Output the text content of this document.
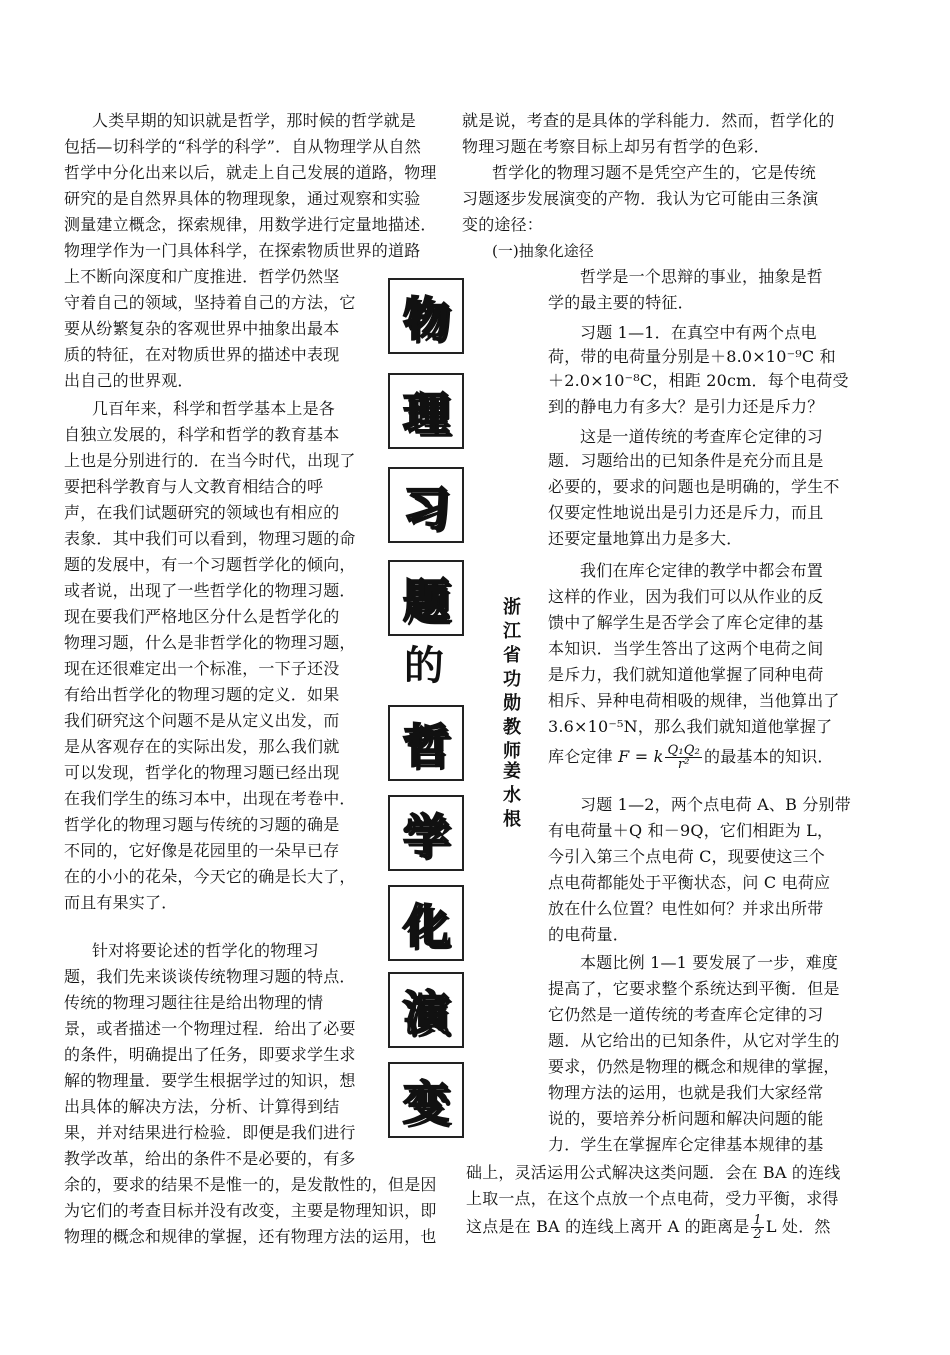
人类早期的知识就是哲学，那时候的哲学就是
包括—切科学的“科学的科学”．自从物理学从自然
哲学中分化出来以后，就走上自己发展的道路，物理
研究的是自然界具体的物理现象，通过观察和实验
测量建立概念，探索规律，用数学进行定量地描述．
物理学作为一门具体科学，在探索物质世界的道路
上不断向深度和广度推进．哲学仍然坚
守着自己的领域，坚持着自己的方法，它
要从纷繁复杂的客观世界中抽象出最本
质的特征，在对物质世界的描述中表现
出自己的世界观．
几百年来，科学和哲学基本上是各
自独立发展的，科学和哲学的教育基本
上也是分别进行的．在当今时代，出现了
要把科学教育与人文教育相结合的呼
声，在我们试题研究的领域也有相应的
表象．其中我们可以看到，物理习题的命
题的发展中，有一个习题哲学化的倾向，
或者说，出现了一些哲学化的物理习题．
现在要我们严格地区分什么是哲学化的
物理习题，什么是非哲学化的物理习题，
现在还很难定出一个标准，一下子还没
有给出哲学化的物理习题的定义．如果
我们研究这个问题不是从定义出发，而
是从客观存在的实际出发，那么我们就
可以发现，哲学化的物理习题已经出现
在我们学生的练习本中，出现在考卷中．
哲学化的物理习题与传统的习题的确是
不同的，它好像是花园里的一朵早已存
在的小小的花朵，今天它的确是长大了，
而且有果实了．
针对将要论述的哲学化的物理习
题，我们先来谈谈传统物理习题的特点．
传统的物理习题往往是给出物理的情
景，或者描述一个物理过程．给出了必要
的条件，明确提出了任务，即要求学生求
解的物理量．要学生根据学过的知识，想
出具体的解决方法，分析、计算得到结
果，并对结果进行检验．即便是我们进行
教学改革，给出的条件不是必要的，有多
余的，要求的结果不是惟一的，是发散性的，但是因
为它们的考查目标并没有改变，主要是物理知识，即
物理的概念和规律的掌握，还有物理方法的运用，也
物
理
习
题
的
哲
学
化
演
变
浙
江
省
功
勋
教
师
姜
水
根
就是说，考查的是具体的学科能力．然而，哲学化的
物理习题在考察目标上却另有哲学的色彩．
哲学化的物理习题不是凭空产生的，它是传统
习题逐步发展演变的产物．我认为它可能由三条演
变的途径：
(一)抽象化途径
哲学是一个思辩的事业，抽象是哲
学的最主要的特征．
习题 1—1．在真空中有两个点电
荷，带的电荷量分别是＋8.0×10⁻⁹C 和
＋2.0×10⁻⁸C，相距 20cm．每个电荷受
到的静电力有多大？是引力还是斥力？
这是一道传统的考查库仑定律的习
题．习题给出的已知条件是充分而且是
必要的，要求的问题也是明确的，学生不
仅要定性地说出是引力还是斥力，而且
还要定量地算出力是多大．
我们在库仑定律的教学中都会布置
这样的作业，因为我们可以从作业的反
馈中了解学生是否学会了库仑定律的基
本知识．当学生答出了这两个电荷之间
是斥力，我们就知道他掌握了同种电荷
相斥、异种电荷相吸的规律，当他算出了
3.6×10⁻⁵N，那么我们就知道他掌握了
库仑定律 F = k $\frac{\text{Q₁Q₂}}{\text{r²}}$ 的最基本的知识．
习题 1—2，两个点电荷 A、B 分别带
有电荷量＋Q 和－9Q，它们相距为 L，
今引入第三个点电荷 C，现要使这三个
点电荷都能处于平衡状态，问 C 电荷应
放在什么位置？电性如何？并求出所带
的电荷量．
本题比例 1—1 要发展了一步，难度
提高了，它要求整个系统达到平衡．但是
它仍然是一道传统的考查库仑定律的习
题．从它给出的已知条件，从它对学生的
要求，仍然是物理的概念和规律的掌握，
物理方法的运用，也就是我们大家经常
说的，要培养分析问题和解决问题的能
力．学生在掌握库仑定律基本规律的基
础上，灵活运用公式解决这类问题．会在 BA 的连线
上取一点，在这个点放一个点电荷，受力平衡，求得
这点是在 BA 的连线上离开 A 的距离是 $\frac{1}{2}$ L 处．然
